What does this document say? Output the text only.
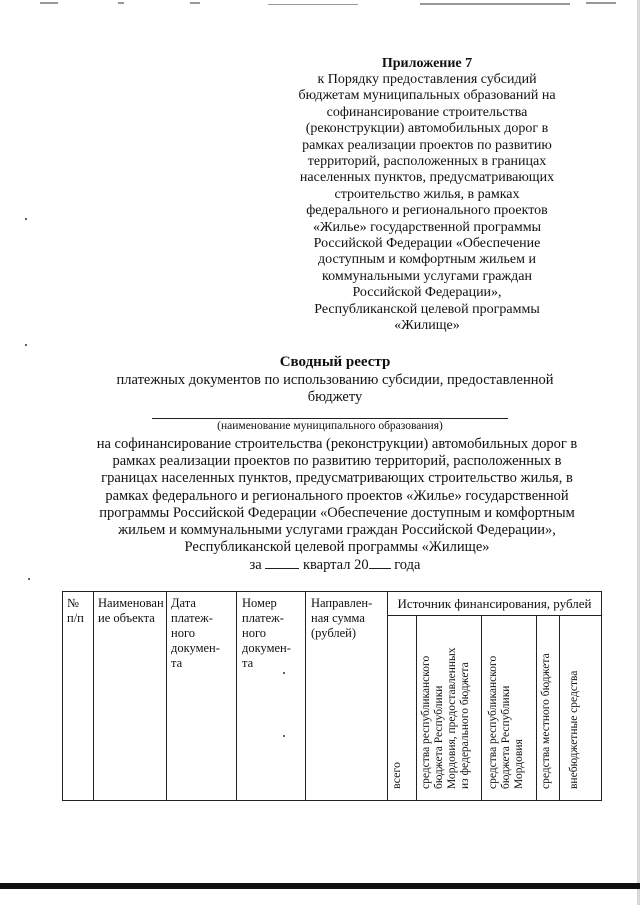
Приложение 7
к Порядку предоставления субсидий
бюджетам муниципальных образований на
софинансирование строительства
(реконструкции) автомобильных дорог в
рамках реализации проектов по развитию
территорий, расположенных в границах
населенных пунктов, предусматривающих
строительство жилья, в рамках
федерального и регионального проектов
«Жилье» государственной программы
Российской Федерации «Обеспечение
доступным и комфортным жильем и
коммунальными услугами граждан
Российской Федерации»,
Республиканской целевой программы
«Жилище»
Сводный реестр
платежных документов по использованию субсидии, предоставленной
бюджету
(наименование муниципального образования)
на софинансирование строительства (реконструкции) автомобильных дорог в
рамках реализации проектов по развитию территорий, расположенных в
границах населенных пунктов, предусматривающих строительство жилья, в
рамках федерального и регионального проектов «Жилье» государственной
программы Российской Федерации «Обеспечение доступным и комфортным
жильем и коммунальными услугами граждан Российской Федерации»,
Республиканской целевой программы «Жилище»
за	квартал 20 года
№
п/п
Наименован
ие объекта
Дата
платеж-
ного
докумен-
та
Номер
платеж-
ного
докумен-
та
Направлен-
ная сумма
(рублей)
Источник финансирования, рублей
всего средства республиканского
бюджета Республики
Мордовия, предоставленных
из федерального бюджета
средства республиканского
бюджета Республики
Мордовия средства местного бюджета внебюджетные средства
